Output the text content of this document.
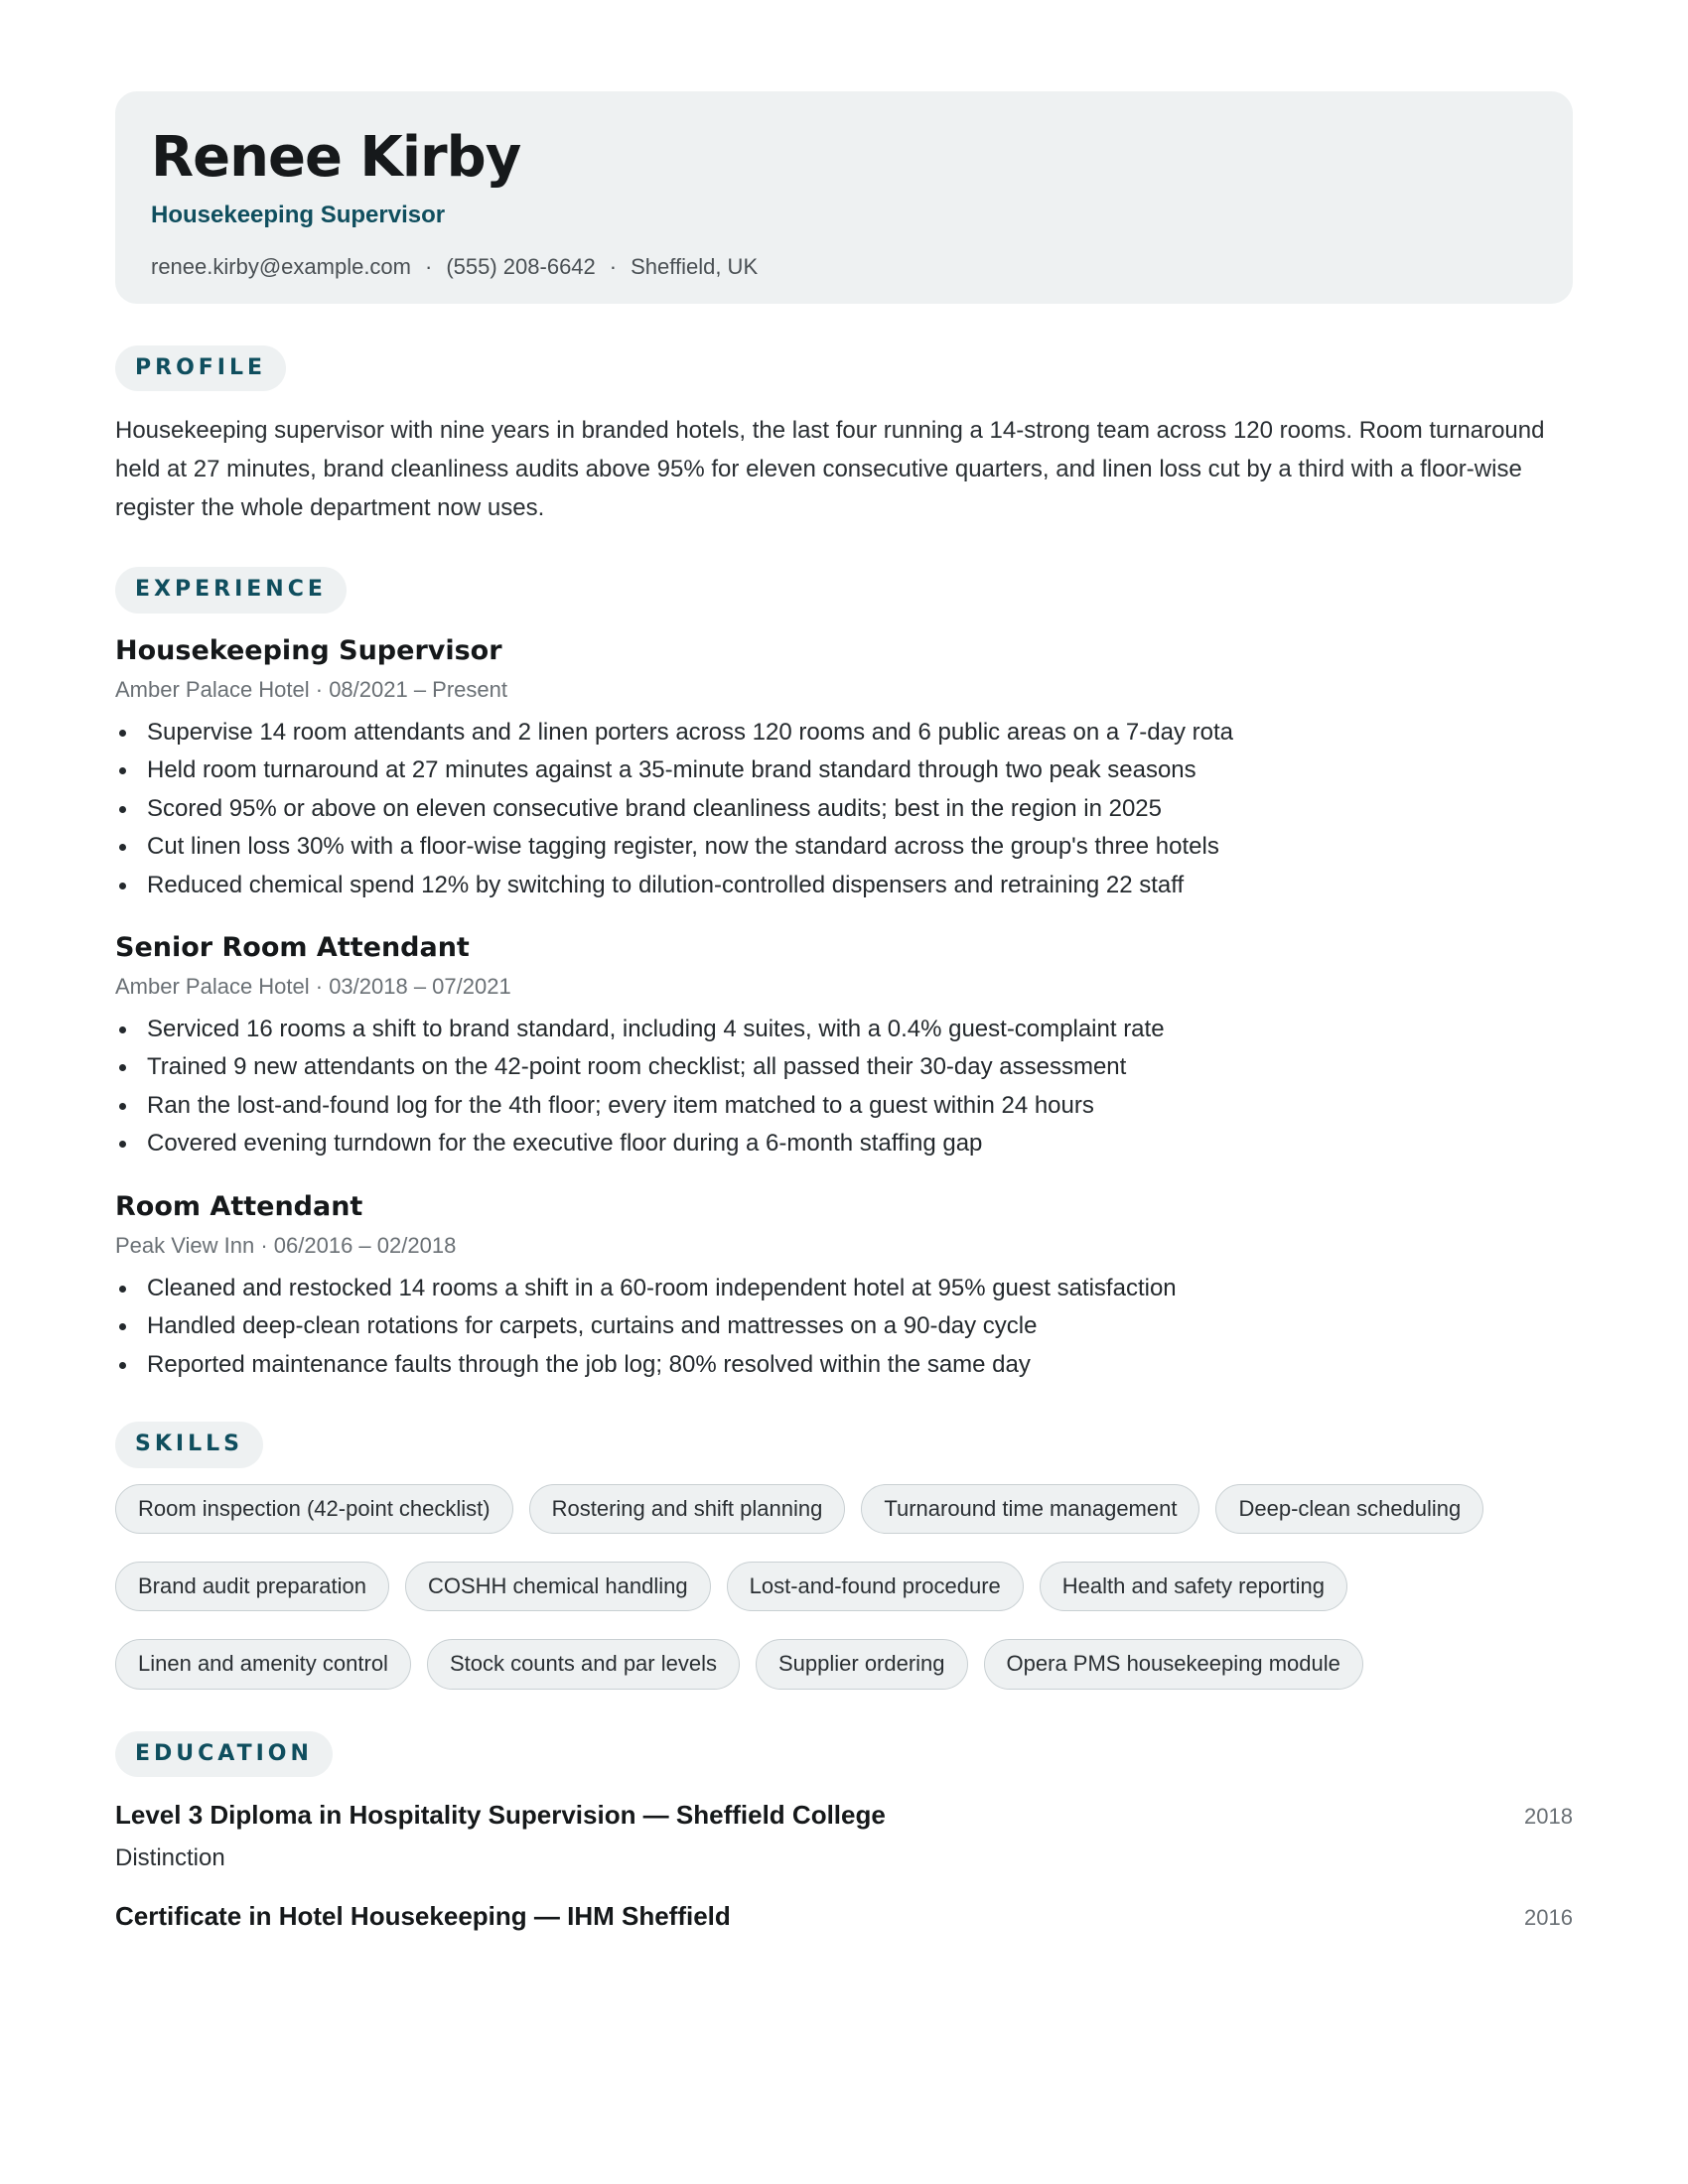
Renee Kirby
Housekeeping Supervisor
renee.kirby@example.com · (555) 208-6642 · Sheffield, UK
PROFILE
Housekeeping supervisor with nine years in branded hotels, the last four running a 14-strong team across 120 rooms. Room turnaround held at 27 minutes, brand cleanliness audits above 95% for eleven consecutive quarters, and linen loss cut by a third with a floor-wise register the whole department now uses.
EXPERIENCE
Housekeeping Supervisor
Amber Palace Hotel · 08/2021 – Present
Supervise 14 room attendants and 2 linen porters across 120 rooms and 6 public areas on a 7-day rota
Held room turnaround at 27 minutes against a 35-minute brand standard through two peak seasons
Scored 95% or above on eleven consecutive brand cleanliness audits; best in the region in 2025
Cut linen loss 30% with a floor-wise tagging register, now the standard across the group's three hotels
Reduced chemical spend 12% by switching to dilution-controlled dispensers and retraining 22 staff
Senior Room Attendant
Amber Palace Hotel · 03/2018 – 07/2021
Serviced 16 rooms a shift to brand standard, including 4 suites, with a 0.4% guest-complaint rate
Trained 9 new attendants on the 42-point room checklist; all passed their 30-day assessment
Ran the lost-and-found log for the 4th floor; every item matched to a guest within 24 hours
Covered evening turndown for the executive floor during a 6-month staffing gap
Room Attendant
Peak View Inn · 06/2016 – 02/2018
Cleaned and restocked 14 rooms a shift in a 60-room independent hotel at 95% guest satisfaction
Handled deep-clean rotations for carpets, curtains and mattresses on a 90-day cycle
Reported maintenance faults through the job log; 80% resolved within the same day
SKILLS
Room inspection (42-point checklist)	Rostering and shift planning	Turnaround time management	Deep-clean scheduling
Brand audit preparation	COSHH chemical handling	Lost-and-found procedure	Health and safety reporting
Linen and amenity control	Stock counts and par levels	Supplier ordering	Opera PMS housekeeping module
EDUCATION
Level 3 Diploma in Hospitality Supervision — Sheffield College	2018
Distinction
Certificate in Hotel Housekeeping — IHM Sheffield	2016
